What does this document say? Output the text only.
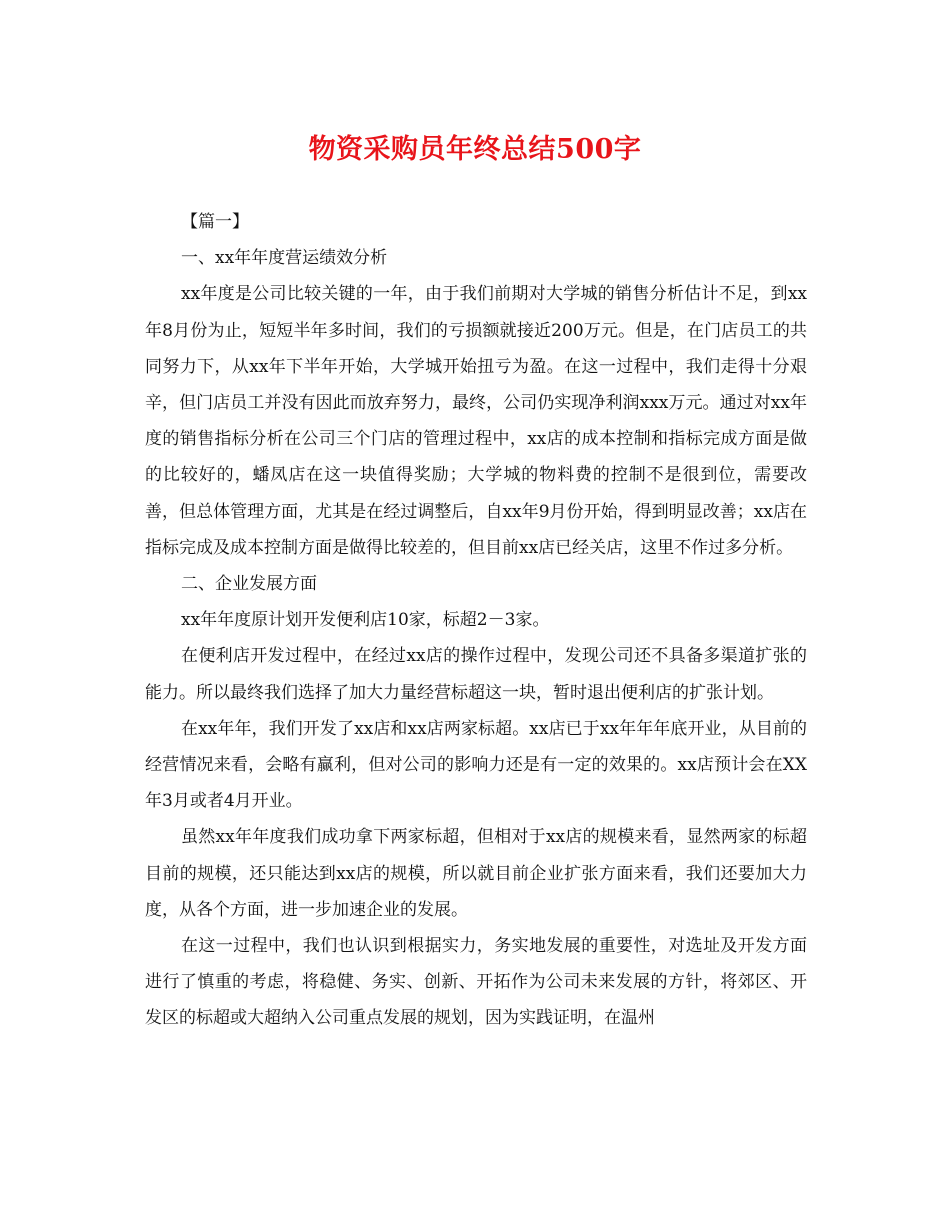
物资采购员年终总结500字

【篇一】

一、xx年年度营运绩效分析

xx年度是公司比较关键的一年，由于我们前期对大学城的销售分析估计不足，到xx年8月份为止，短短半年多时间，我们的亏损额就接近200万元。但是，在门店员工的共同努力下，从xx年下半年开始，大学城开始扭亏为盈。在这一过程中，我们走得十分艰辛，但门店员工并没有因此而放弃努力，最终，公司仍实现净利润xxx万元。通过对xx年度的销售指标分析在公司三个门店的管理过程中，xx店的成本控制和指标完成方面是做的比较好的，蟠凤店在这一块值得奖励；大学城的物料费的控制不是很到位，需要改善，但总体管理方面，尤其是在经过调整后，自xx年9月份开始，得到明显改善；xx店在指标完成及成本控制方面是做得比较差的，但目前xx店已经关店，这里不作过多分析。

二、企业发展方面

xx年年度原计划开发便利店10家，标超2－3家。

在便利店开发过程中，在经过xx店的操作过程中，发现公司还不具备多渠道扩张的能力。所以最终我们选择了加大力量经营标超这一块，暂时退出便利店的扩张计划。

在xx年年，我们开发了xx店和xx店两家标超。xx店已于xx年年年底开业，从目前的经营情况来看，会略有赢利，但对公司的影响力还是有一定的效果的。xx店预计会在XX年3月或者4月开业。

虽然xx年年度我们成功拿下两家标超，但相对于xx店的规模来看，显然两家的标超目前的规模，还只能达到xx店的规模，所以就目前企业扩张方面来看，我们还要加大力度，从各个方面，进一步加速企业的发展。

在这一过程中，我们也认识到根据实力，务实地发展的重要性，对选址及开发方面进行了慎重的考虑，将稳健、务实、创新、开拓作为公司未来发展的方针，将郊区、开发区的标超或大超纳入公司重点发展的规划，因为实践证明，在温州
